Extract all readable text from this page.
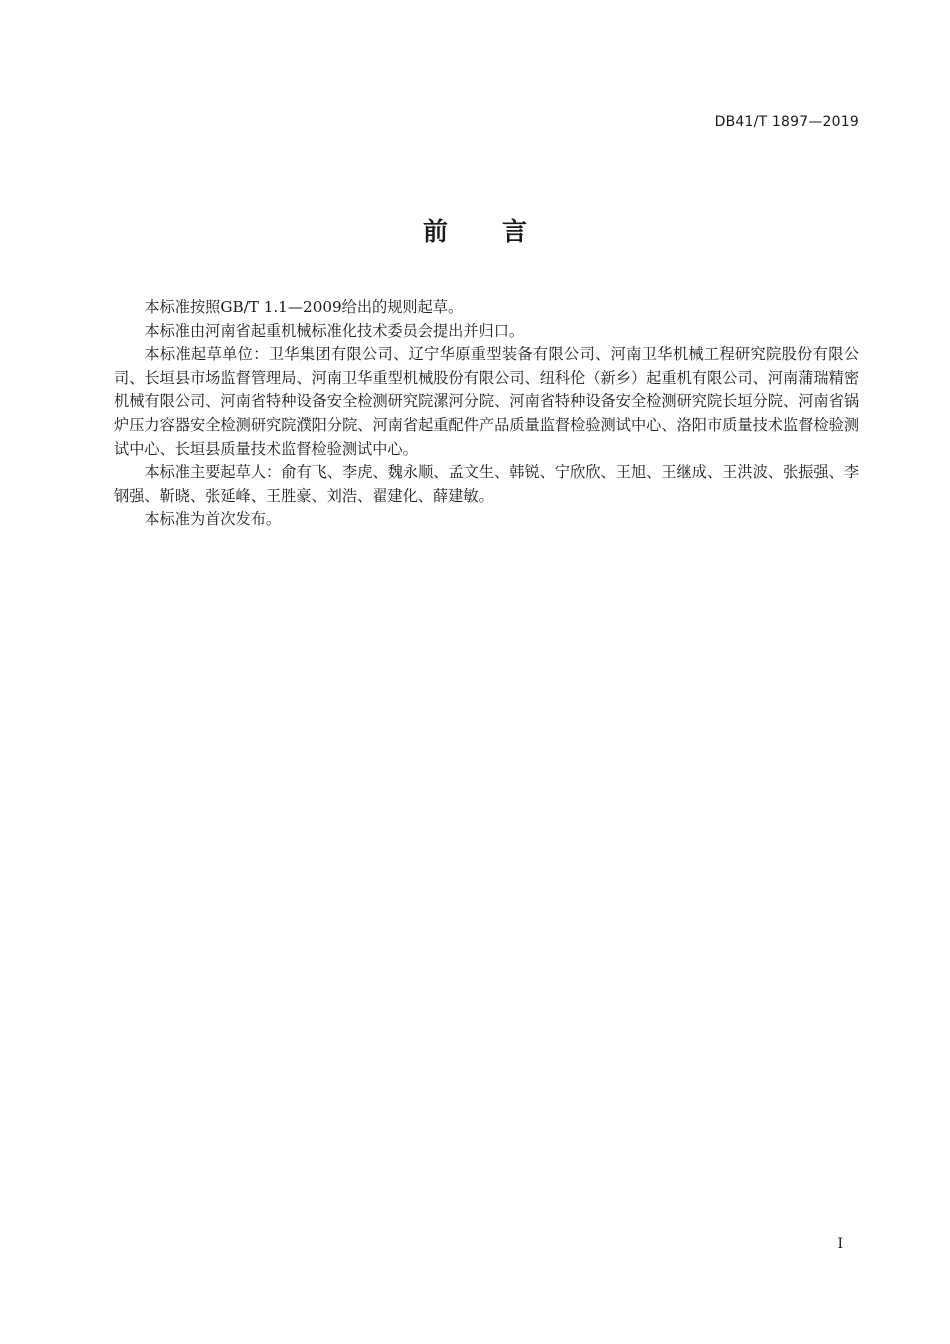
DB41/T 1897—2019
前言

本标准按照GB/T 1.1—2009给出的规则起草。

本标准由河南省起重机械标准化技术委员会提出并归口。

本标准起草单位：卫华集团有限公司、辽宁华原重型装备有限公司、河南卫华机械工程研究院股份有限公司、长垣县市场监督管理局、河南卫华重型机械股份有限公司、纽科伦（新乡）起重机有限公司、河南蒲瑞精密机械有限公司、河南省特种设备安全检测研究院漯河分院、河南省特种设备安全检测研究院长垣分院、河南省锅炉压力容器安全检测研究院濮阳分院、河南省起重配件产品质量监督检验测试中心、洛阳市质量技术监督检验测试中心、长垣县质量技术监督检验测试中心。

本标准主要起草人：俞有飞、李虎、魏永顺、孟文生、韩锐、宁欣欣、王旭、王继成、王洪波、张振强、李钢强、靳晓、张延峰、王胜豪、刘浩、翟建化、薛建敏。

本标准为首次发布。

I
